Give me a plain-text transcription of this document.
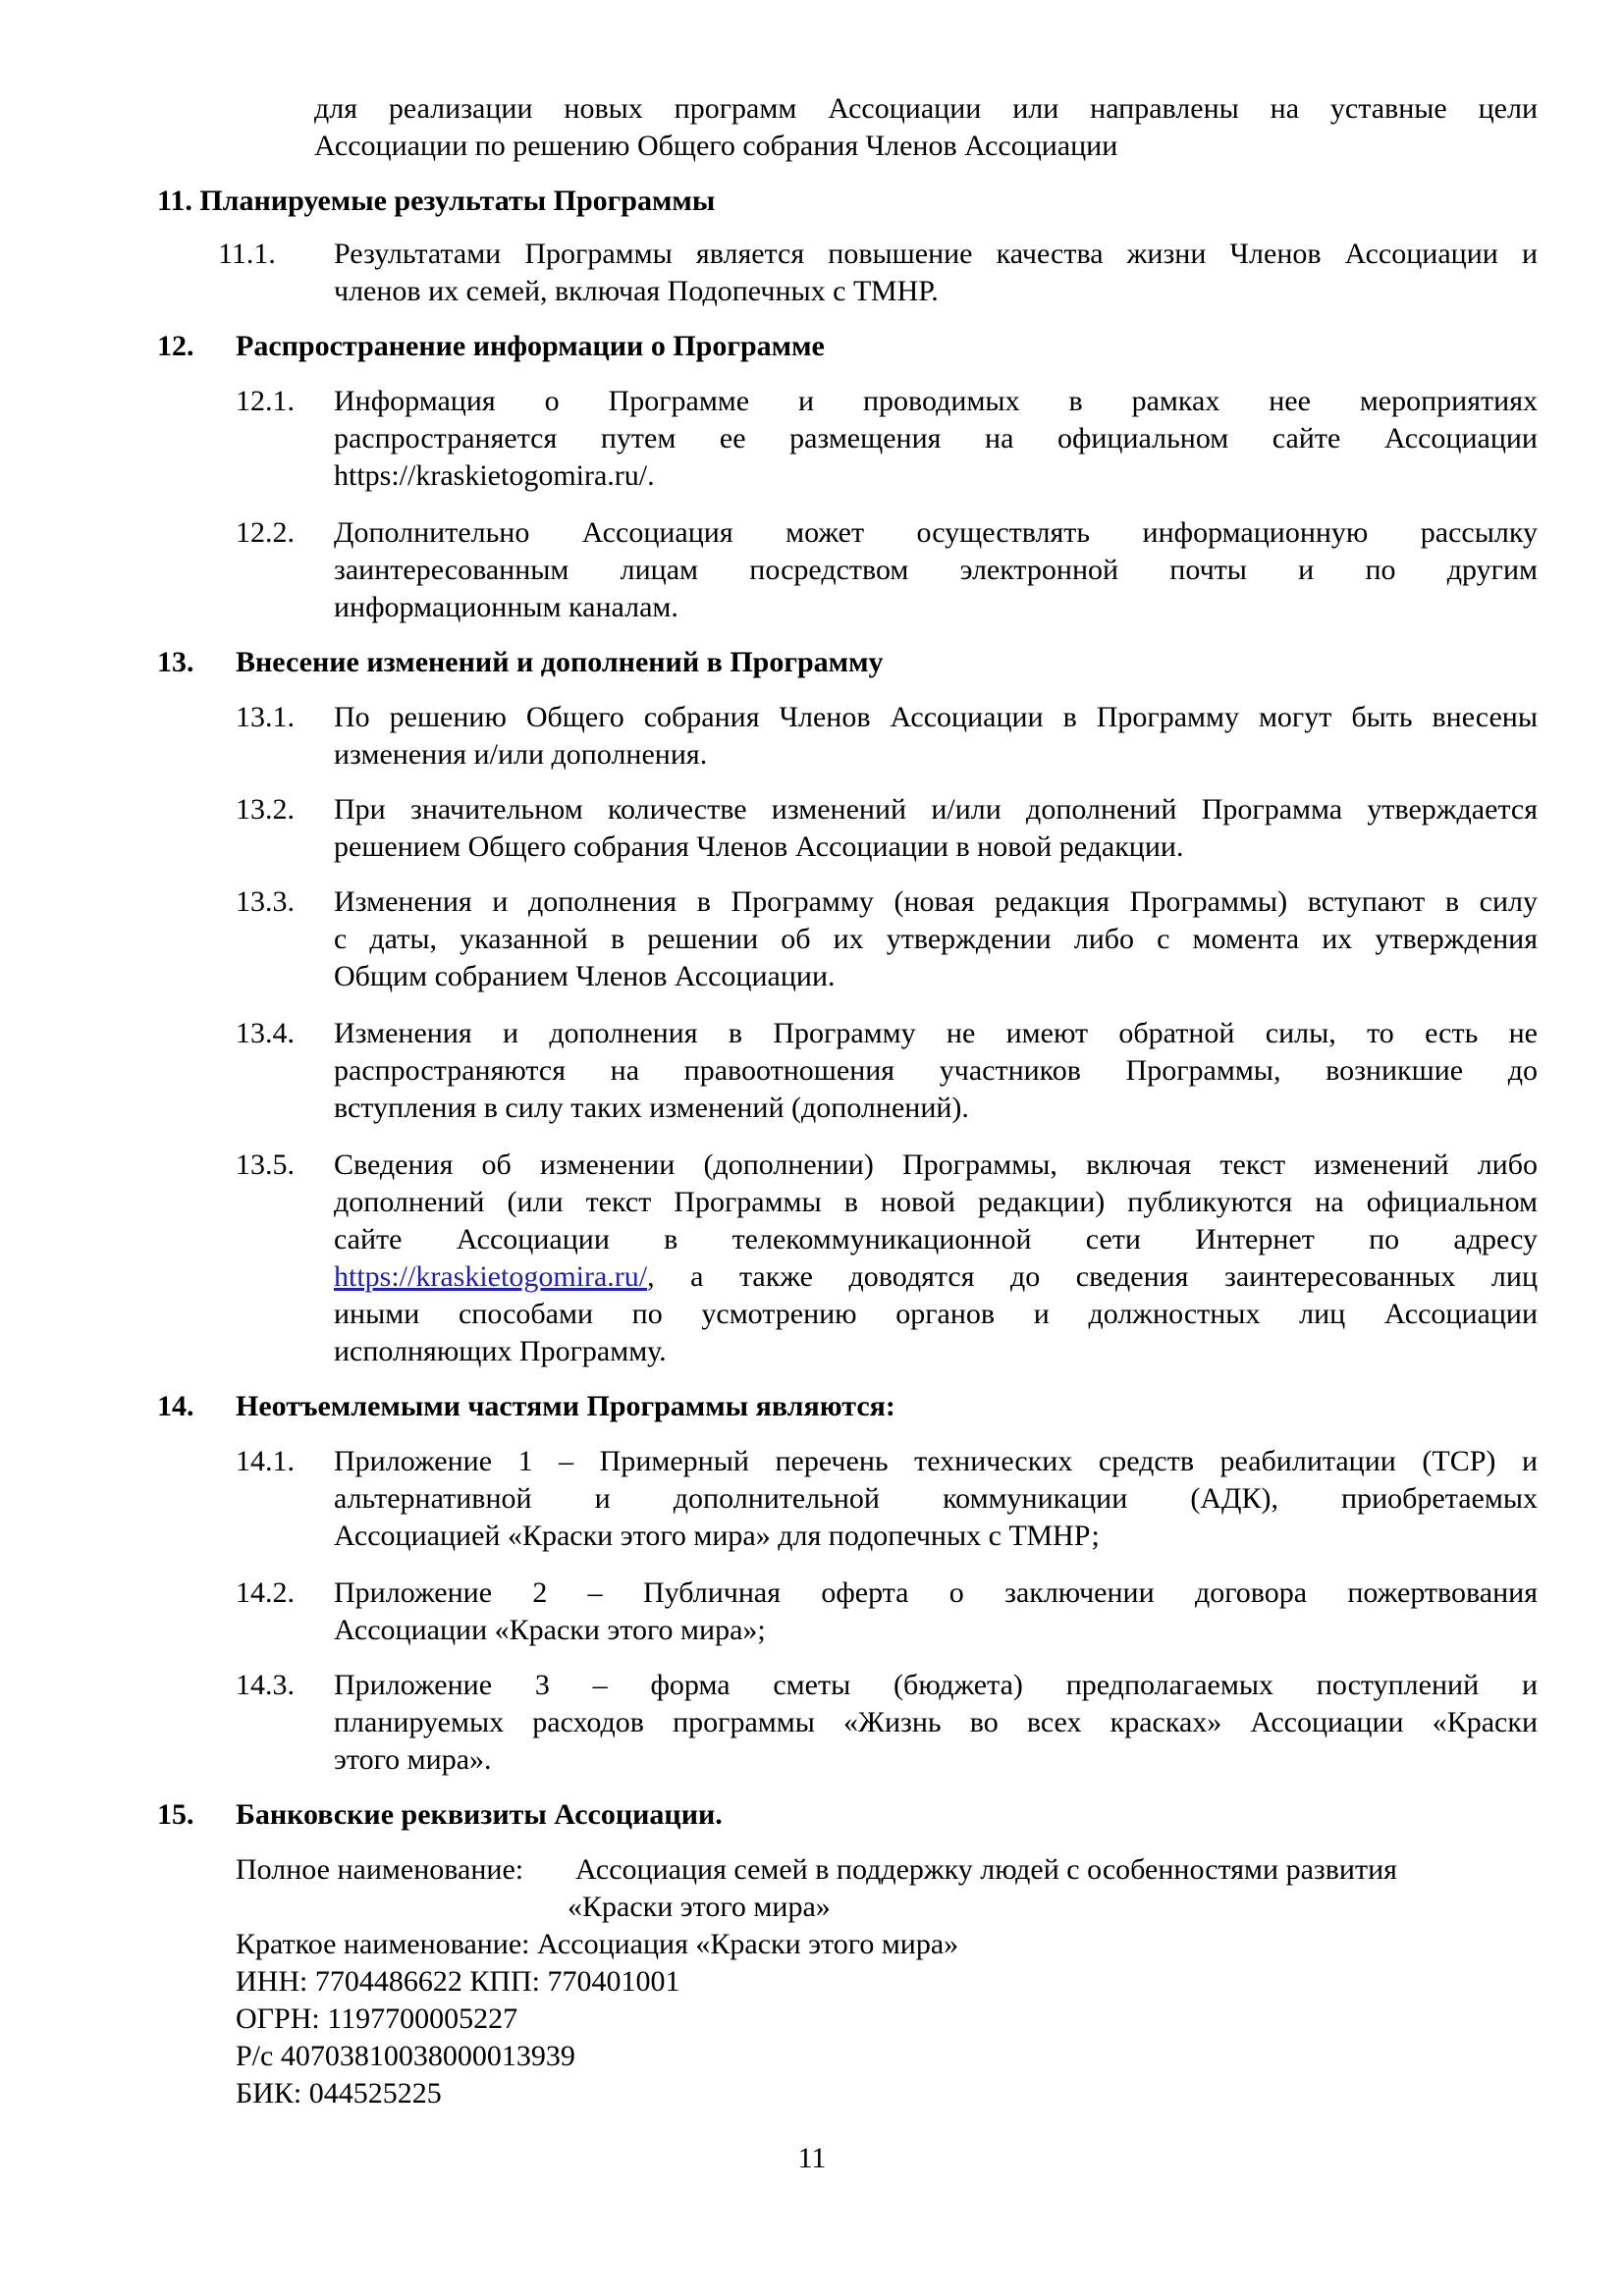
для реализации новых программ Ассоциации или направлены на уставные цели
Ассоциации по решению Общего собрания Членов Ассоциации
11. Планируемые результаты Программы
11.1. Результатами Программы является повышение качества жизни Членов Ассоциации и
членов их семей, включая Подопечных с ТМНР.
12. Распространение информации о Программе
12.1. Информация о Программе и проводимых в рамках нее мероприятиях
распространяется путем ее размещения на официальном сайте Ассоциации
https://kraskietogomira.ru/.
12.2. Дополнительно Ассоциация может осуществлять информационную рассылку
заинтересованным лицам посредством электронной почты и по другим
информационным каналам.
13. Внесение изменений и дополнений в Программу
13.1. По решению Общего собрания Членов Ассоциации в Программу могут быть внесены
изменения и/или дополнения.
13.2. При значительном количестве изменений и/или дополнений Программа утверждается
решением Общего собрания Членов Ассоциации в новой редакции.
13.3. Изменения и дополнения в Программу (новая редакция Программы) вступают в силу
с даты, указанной в решении об их утверждении либо с момента их утверждения
Общим собранием Членов Ассоциации.
13.4. Изменения и дополнения в Программу не имеют обратной силы, то есть не
распространяются на правоотношения участников Программы, возникшие до
вступления в силу таких изменений (дополнений).
13.5. Сведения об изменении (дополнении) Программы, включая текст изменений либо
дополнений (или текст Программы в новой редакции) публикуются на официальном
сайте Ассоциации в телекоммуникационной сети Интернет по адресу
https://kraskietogomira.ru/, а также доводятся до сведения заинтересованных лиц
иными способами по усмотрению органов и должностных лиц Ассоциации
исполняющих Программу.
14. Неотъемлемыми частями Программы являются:
14.1. Приложение 1 – Примерный перечень технических средств реабилитации (ТСР) и
альтернативной и дополнительной коммуникации (АДК), приобретаемых
Ассоциацией «Краски этого мира» для подопечных с ТМНР;
14.2. Приложение 2 – Публичная оферта о заключении договора пожертвования
Ассоциации «Краски этого мира»;
14.3. Приложение 3 – форма сметы (бюджета) предполагаемых поступлений и
планируемых расходов программы «Жизнь во всех красках» Ассоциации «Краски
этого мира».
15. Банковские реквизиты Ассоциации.
Полное наименование: Ассоциация семей в поддержку людей с особенностями развития
«Краски этого мира»
Краткое наименование: Ассоциация «Краски этого мира»
ИНН: 7704486622 КПП: 770401001
ОГРН: 1197700005227
Р/с 40703810038000013939
БИК: 044525225
11
